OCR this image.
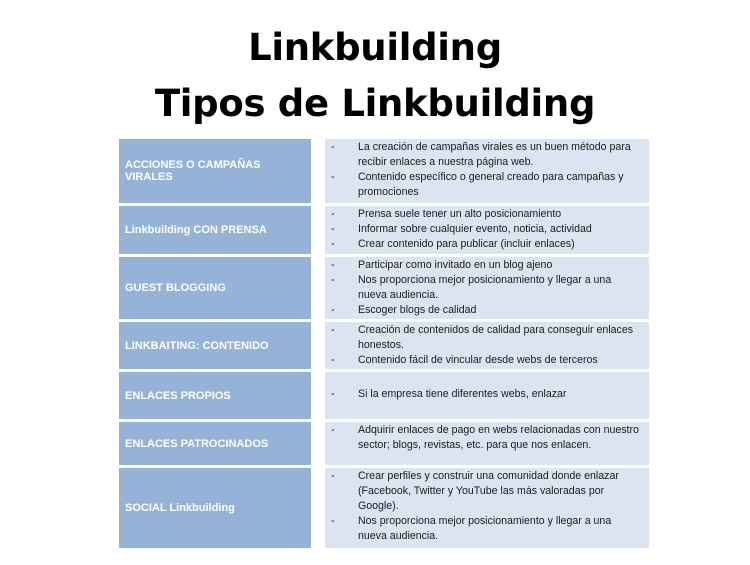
Linkbuilding
Tipos de Linkbuilding
ACCIONES O CAMPAÑAS VIRALES
-	La creación de campañas virales es un buen método para recibir enlaces a nuestra página web.
-	Contenido específico o general creado para campañas y promociones
Linkbuilding CON PRENSA
-	Prensa suele tener un alto posicionamiento
-	Informar sobre cualquier evento, noticia, actividad
-	Crear contenido para publicar (incluir enlaces)
GUEST BLOGGING
-	Participar como invitado en un blog ajeno
-	Nos proporciona mejor posicionamiento y llegar a una nueva audiencia.
-	Escoger blogs de calidad
LINKBAITING: CONTENIDO
-	Creación de contenidos de calidad para conseguir enlaces honestos.
-	Contenido fácil de vincular desde webs de terceros
ENLACES PROPIOS	-	Si la empresa tiene diferentes webs, enlazar
ENLACES PATROCINADOS
-	Adquirir enlaces de pago en webs relacionadas con nuestro sector; blogs, revistas, etc. para que nos enlacen.
SOCIAL Linkbuilding
-	Crear perfiles y construir una comunidad donde enlazar (Facebook, Twitter y YouTube las más valoradas por Google).
-	Nos proporciona mejor posicionamiento y llegar a una nueva audiencia.
